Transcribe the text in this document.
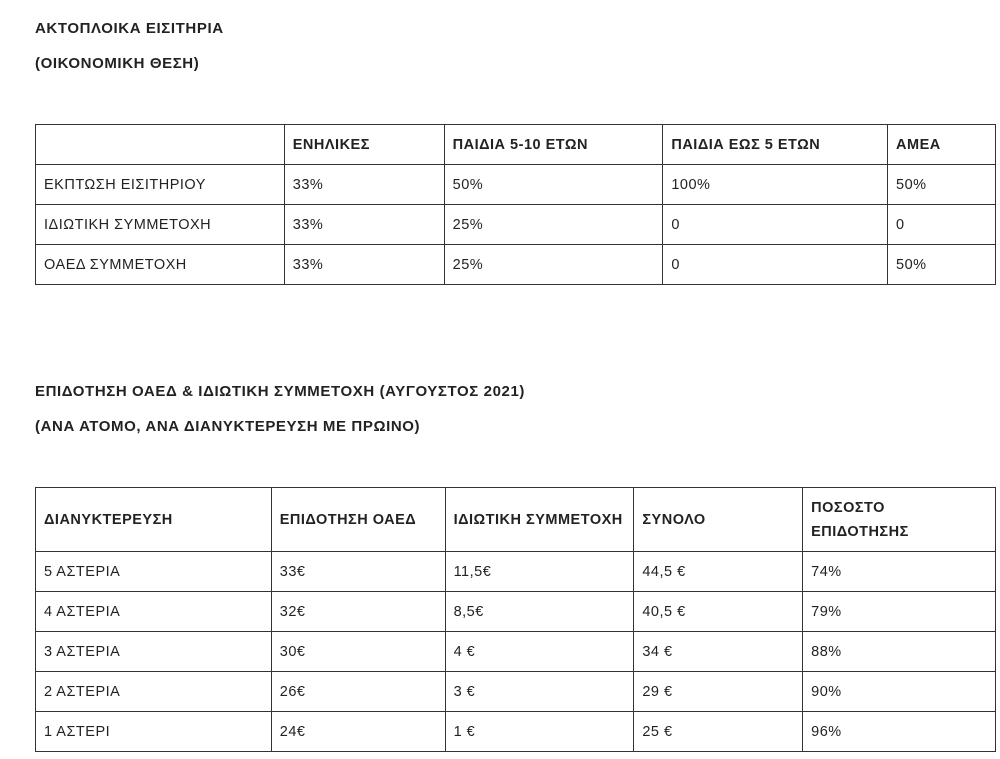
ΑΚΤΟΠΛΟΙΚΑ ΕΙΣΙΤΗΡΙΑ
(ΟΙΚΟΝΟΜΙΚΗ ΘΕΣΗ)
	ΕΝΗΛΙΚΕΣ	ΠΑΙΔΙΑ 5-10 ΕΤΩΝ	ΠΑΙΔΙΑ ΕΩΣ 5 ΕΤΩΝ	ΑΜΕΑ
ΕΚΠΤΩΣΗ ΕΙΣΙΤΗΡΙΟΥ	33%	50%	100%	50%
ΙΔΙΩΤΙΚΗ ΣΥΜΜΕΤΟΧΗ	33%	25%	0	0
ΟΑΕΔ ΣΥΜΜΕΤΟΧΗ	33%	25%	0	50%
ΕΠΙΔΟΤΗΣΗ ΟΑΕΔ & ΙΔΙΩΤΙΚΗ ΣΥΜΜΕΤΟΧΗ (ΑΥΓΟΥΣΤΟΣ 2021)
(ΑΝΑ ΑΤΟΜΟ, ΑΝΑ ΔΙΑΝΥΚΤΕΡΕΥΣΗ ΜΕ ΠΡΩΙΝΟ)
ΔΙΑΝΥΚΤΕΡΕΥΣΗ	ΕΠΙΔΟΤΗΣΗ ΟΑΕΔ	ΙΔΙΩΤΙΚΗ ΣΥΜΜΕΤΟΧΗ	ΣΥΝΟΛΟ	ΠΟΣΟΣΤΟ ΕΠΙΔΟΤΗΣΗΣ

5 ΑΣΤΕΡΙΑ	33€	11,5€	44,5 €	74%
4 ΑΣΤΕΡΙΑ	32€	8,5€	40,5 €	79%
3 ΑΣΤΕΡΙΑ	30€	4 €	34 €	88%
2 ΑΣΤΕΡΙΑ	26€	3 €	29 €	90%
1 ΑΣΤΕΡΙ	24€	1 €	25 €	96%
